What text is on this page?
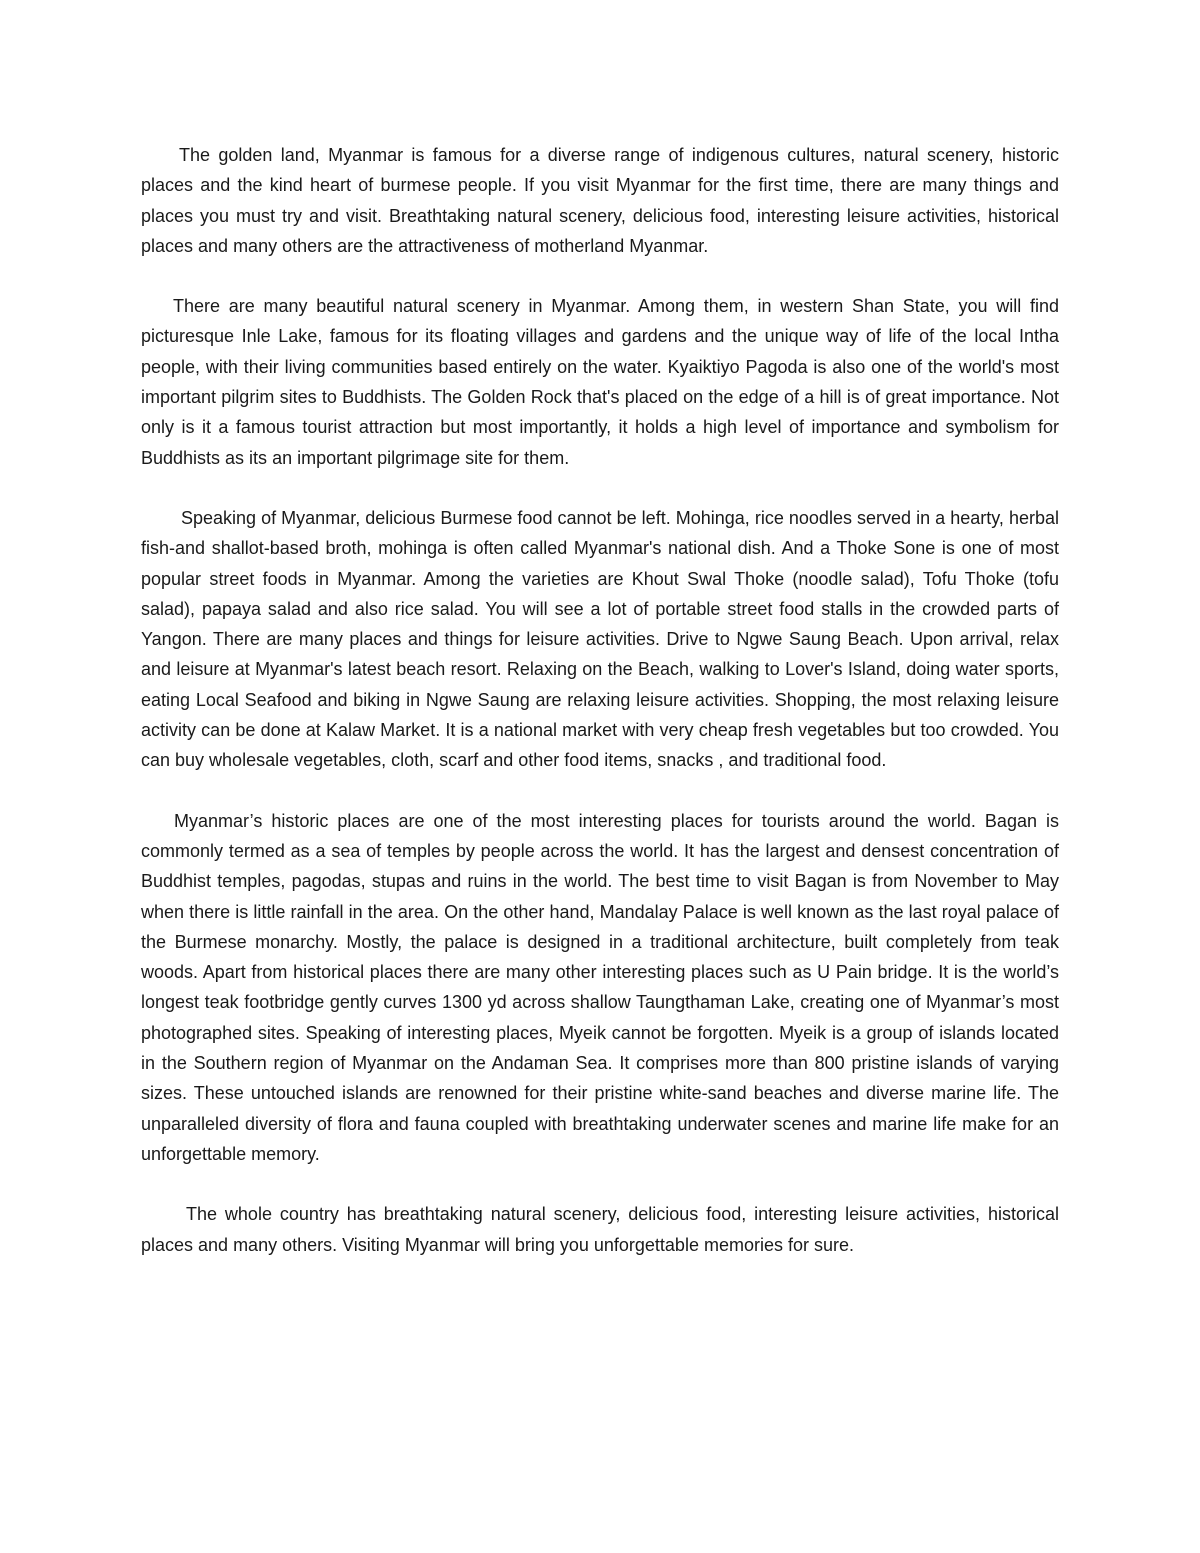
The golden land, Myanmar is famous for a diverse range of indigenous cultures, natural scenery, historic places and the kind heart of burmese people. If you visit Myanmar for the first time, there are many things and places you must try and visit. Breathtaking natural scenery, delicious food, interesting leisure activities, historical places and many others are the attractiveness of motherland Myanmar.

There are many beautiful natural scenery in Myanmar. Among them, in western Shan State, you will find picturesque Inle Lake, famous for its floating villages and gardens and the unique way of life of the local Intha people, with their living communities based entirely on the water. Kyaiktiyo Pagoda is also one of the world's most important pilgrim sites to Buddhists. The Golden Rock that's placed on the edge of a hill is of great importance. Not only is it a famous tourist attraction but most importantly, it holds a high level of importance and symbolism for Buddhists as its an important pilgrimage site for them.

Speaking of Myanmar, delicious Burmese food cannot be left. Mohinga, rice noodles served in a hearty, herbal fish-and shallot-based broth, mohinga is often called Myanmar's national dish. And a Thoke Sone is one of most popular street foods in Myanmar. Among the varieties are Khout Swal Thoke (noodle salad), Tofu Thoke (tofu salad), papaya salad and also rice salad. You will see a lot of portable street food stalls in the crowded parts of Yangon. There are many places and things for leisure activities. Drive to Ngwe Saung Beach. Upon arrival, relax and leisure at Myanmar's latest beach resort. Relaxing on the Beach, walking to Lover's Island, doing water sports, eating Local Seafood and biking in Ngwe Saung are relaxing leisure activities. Shopping, the most relaxing leisure activity can be done at Kalaw Market. It is a national market with very cheap fresh vegetables but too crowded. You can buy wholesale vegetables, cloth, scarf and other food items, snacks , and traditional food.

Myanmar’s historic places are one of the most interesting places for tourists around the world. Bagan is commonly termed as a sea of temples by people across the world. It has the largest and densest concentration of Buddhist temples, pagodas, stupas and ruins in the world. The best time to visit Bagan is from November to May when there is little rainfall in the area. On the other hand, Mandalay Palace is well known as the last royal palace of the Burmese monarchy. Mostly, the palace is designed in a traditional architecture, built completely from teak woods. Apart from historical places there are many other interesting places such as U Pain bridge. It is the world’s longest teak footbridge gently curves 1300 yd across shallow Taungthaman Lake, creating one of Myanmar’s most photographed sites. Speaking of interesting places, Myeik cannot be forgotten. Myeik is a group of islands located in the Southern region of Myanmar on the Andaman Sea. It comprises more than 800 pristine islands of varying sizes. These untouched islands are renowned for their pristine white-sand beaches and diverse marine life. The unparalleled diversity of flora and fauna coupled with breathtaking underwater scenes and marine life make for an unforgettable memory.

The whole country has breathtaking natural scenery, delicious food, interesting leisure activities, historical places and many others. Visiting Myanmar will bring you unforgettable memories for sure.
